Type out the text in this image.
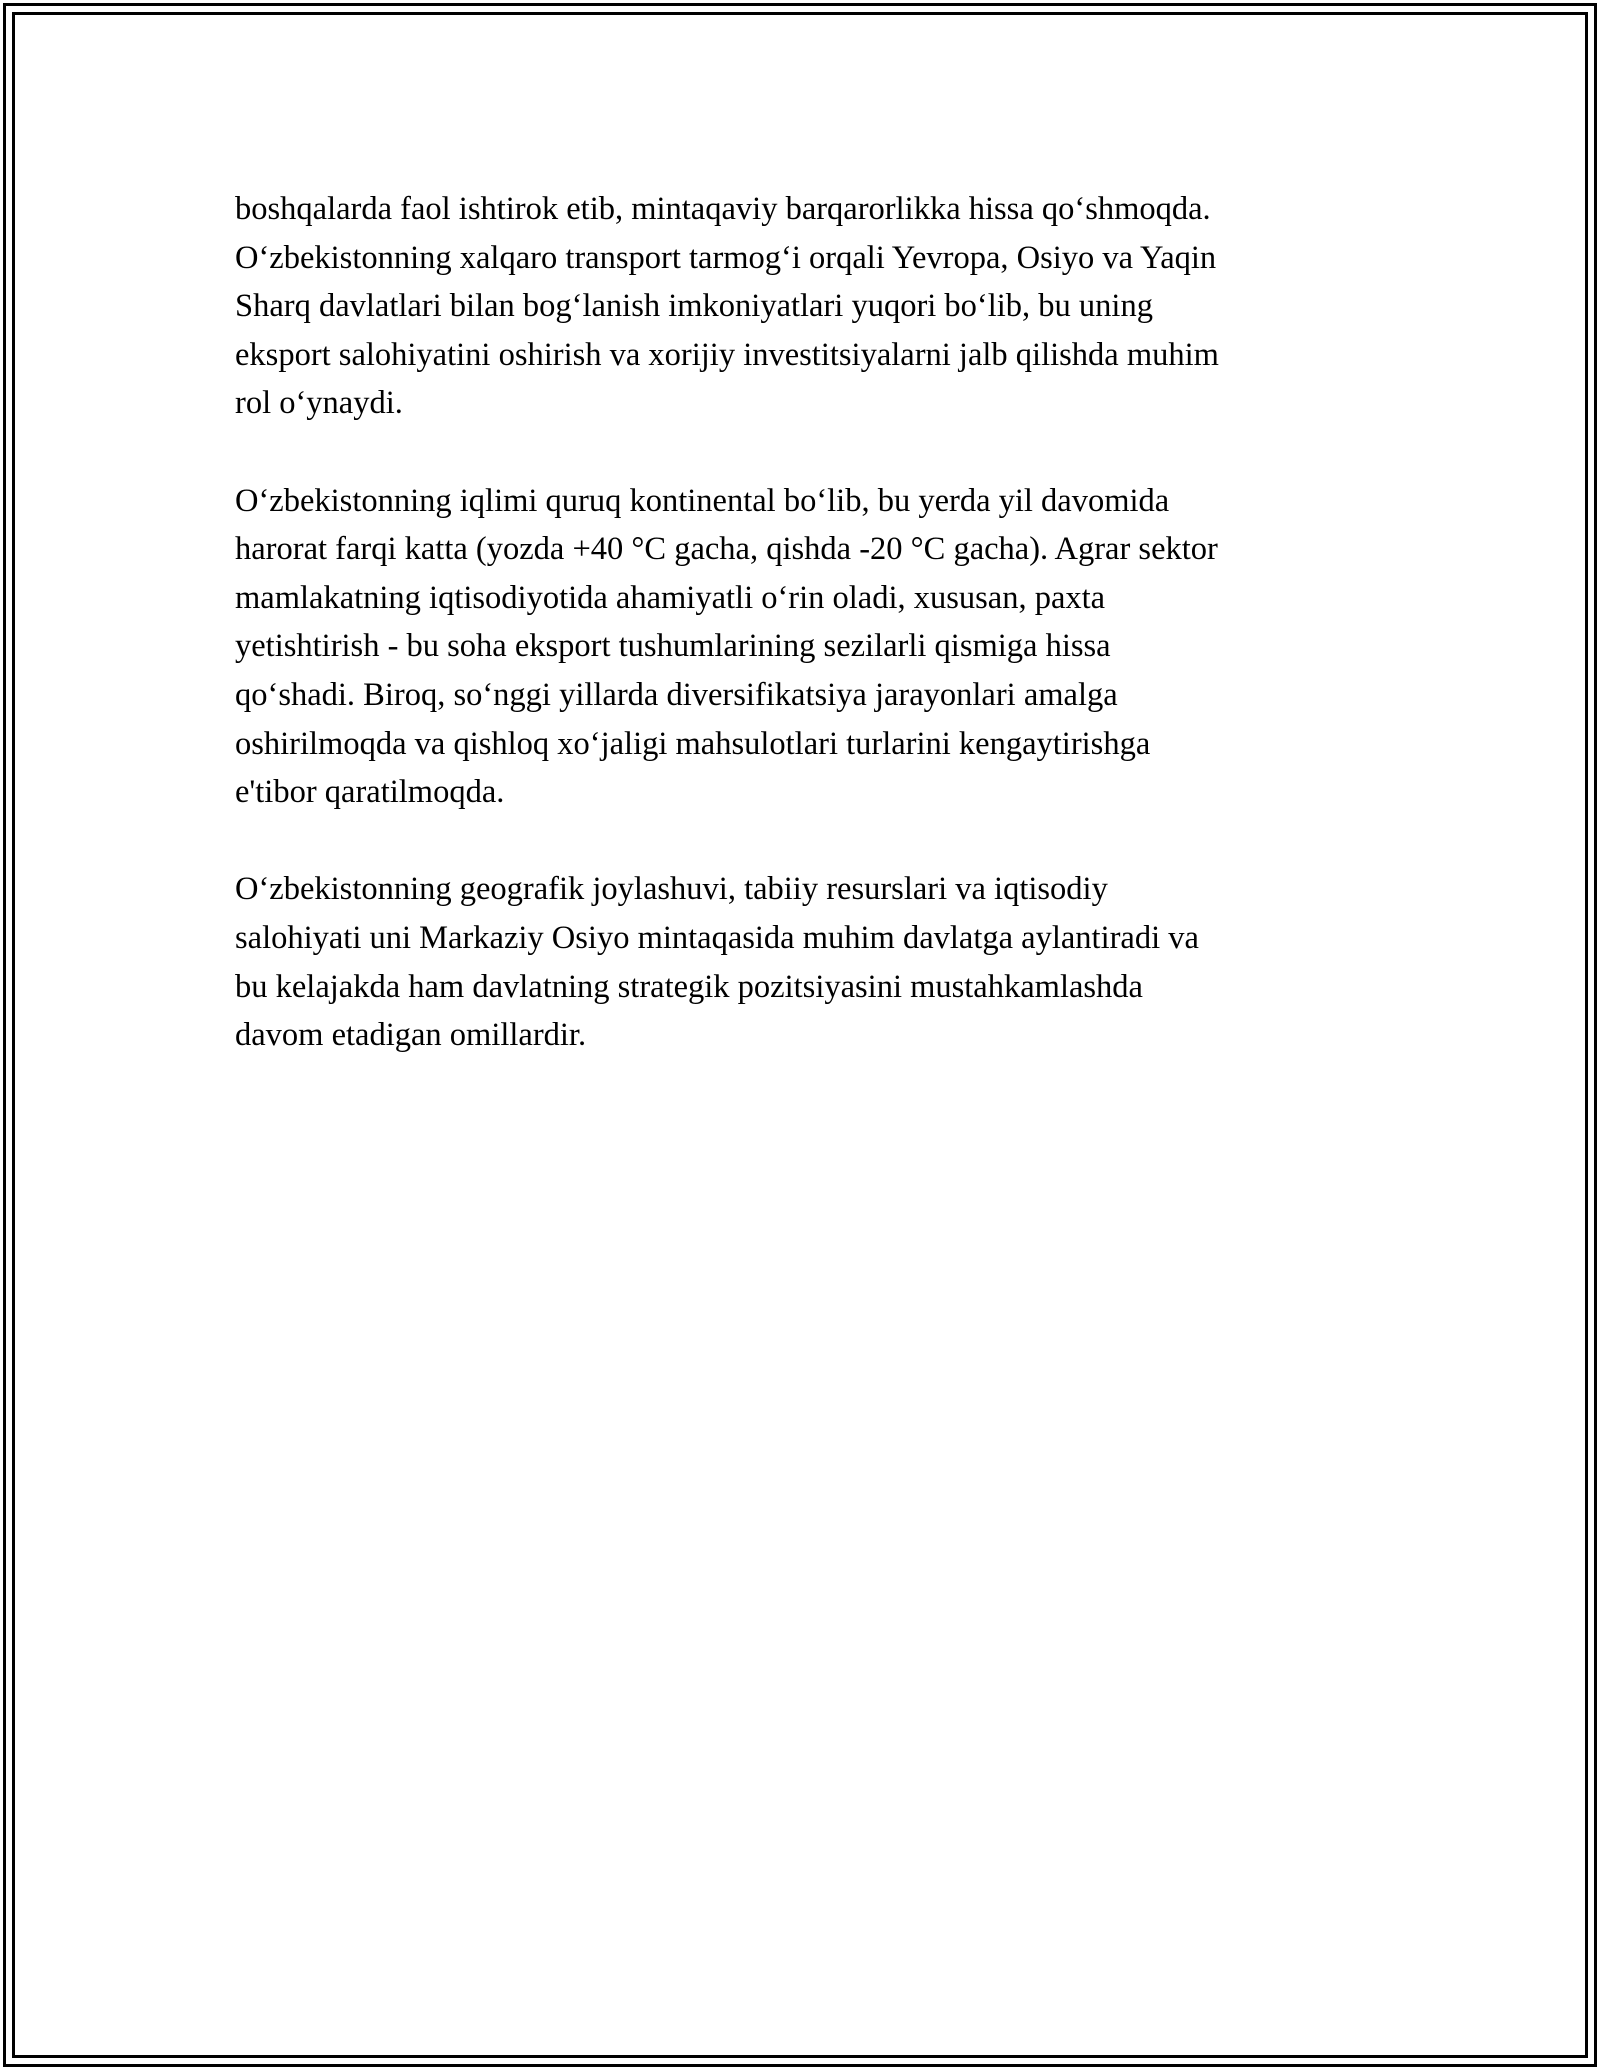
boshqalarda faol ishtirok etib, mintaqaviy barqarorlikka hissa qo‘shmoqda.
O‘zbekistonning xalqaro transport tarmog‘i orqali Yevropa, Osiyo va Yaqin
Sharq davlatlari bilan bog‘lanish imkoniyatlari yuqori bo‘lib, bu uning
eksport salohiyatini oshirish va xorijiy investitsiyalarni jalb qilishda muhim
rol o‘ynaydi.

O‘zbekistonning iqlimi quruq kontinental bo‘lib, bu yerda yil davomida
harorat farqi katta (yozda +40 °C gacha, qishda -20 °C gacha). Agrar sektor
mamlakatning iqtisodiyotida ahamiyatli o‘rin oladi, xususan, paxta
yetishtirish - bu soha eksport tushumlarining sezilarli qismiga hissa
qo‘shadi. Biroq, so‘nggi yillarda diversifikatsiya jarayonlari amalga
oshirilmoqda va qishloq xo‘jaligi mahsulotlari turlarini kengaytirishga
e'tibor qaratilmoqda.

O‘zbekistonning geografik joylashuvi, tabiiy resurslari va iqtisodiy
salohiyati uni Markaziy Osiyo mintaqasida muhim davlatga aylantiradi va
bu kelajakda ham davlatning strategik pozitsiyasini mustahkamlashda
davom etadigan omillardir.
